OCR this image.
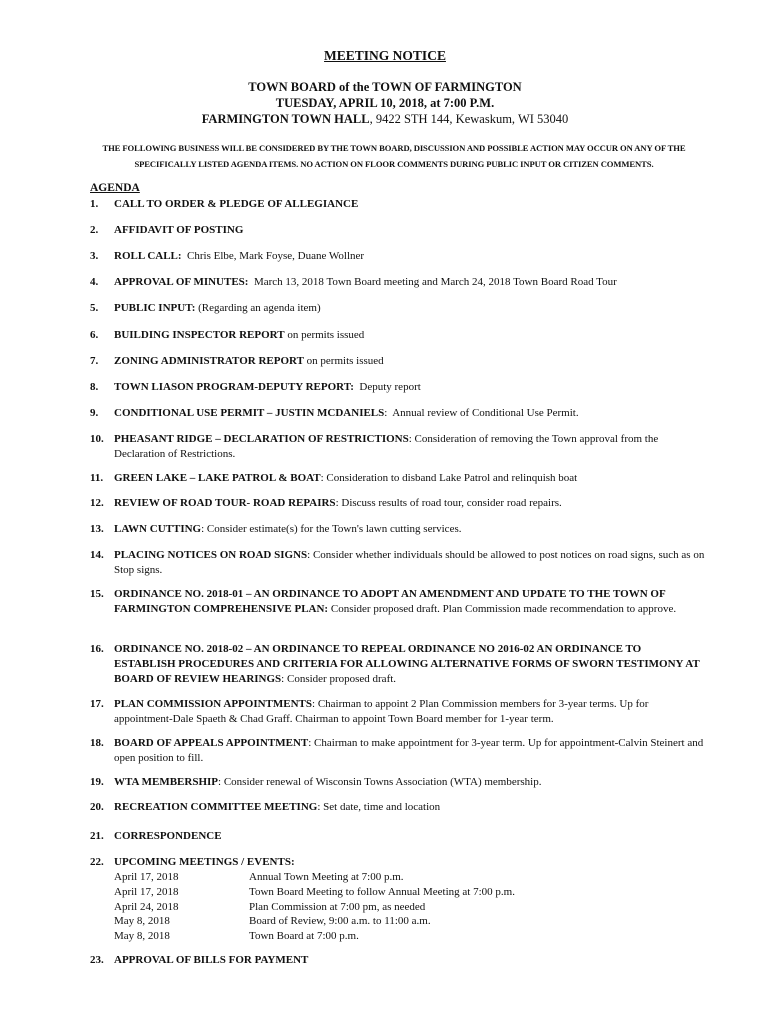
MEETING NOTICE
TOWN BOARD of the TOWN OF FARMINGTON
TUESDAY, APRIL 10, 2018, at 7:00 P.M.
FARMINGTON TOWN HALL, 9422 STH 144, Kewaskum, WI 53040
THE FOLLOWING BUSINESS WILL BE CONSIDERED BY THE TOWN BOARD, DISCUSSION AND POSSIBLE ACTION MAY OCCUR ON ANY OF THE
SPECIFICALLY LISTED AGENDA ITEMS. NO ACTION ON FLOOR COMMENTS DURING PUBLIC INPUT OR CITIZEN COMMENTS.
AGENDA
1. CALL TO ORDER & PLEDGE OF ALLEGIANCE
2. AFFIDAVIT OF POSTING
3. ROLL CALL:  Chris Elbe, Mark Foyse, Duane Wollner
4. APPROVAL OF MINUTES:  March 13, 2018 Town Board meeting and March 24, 2018 Town Board Road Tour
5. PUBLIC INPUT: (Regarding an agenda item)
6. BUILDING INSPECTOR REPORT on permits issued
7. ZONING ADMINISTRATOR REPORT on permits issued
8. TOWN LIASON PROGRAM-DEPUTY REPORT:  Deputy report
9. CONDITIONAL USE PERMIT – JUSTIN MCDANIELS:  Annual review of Conditional Use Permit.
10. PHEASANT RIDGE – DECLARATION OF RESTRICTIONS: Consideration of removing the Town approval from the Declaration of Restrictions.
11. GREEN LAKE – LAKE PATROL & BOAT: Consideration to disband Lake Patrol and relinquish boat
12. REVIEW OF ROAD TOUR- ROAD REPAIRS: Discuss results of road tour, consider road repairs.
13. LAWN CUTTING: Consider estimate(s) for the Town's lawn cutting services.
14. PLACING NOTICES ON ROAD SIGNS: Consider whether individuals should be allowed to post notices on road signs, such as on Stop signs.
15. ORDINANCE NO. 2018-01 – AN ORDINANCE TO ADOPT AN AMENDMENT AND UPDATE TO THE TOWN OF FARMINGTON COMPREHENSIVE PLAN: Consider proposed draft. Plan Commission made recommendation to approve.
16. ORDINANCE NO. 2018-02 – AN ORDINANCE TO REPEAL ORDINANCE NO 2016-02 AN ORDINANCE TO ESTABLISH PROCEDURES AND CRITERIA FOR ALLOWING ALTERNATIVE FORMS OF SWORN TESTIMONY AT BOARD OF REVIEW HEARINGS: Consider proposed draft.
17. PLAN COMMISSION APPOINTMENTS: Chairman to appoint 2 Plan Commission members for 3-year terms. Up for appointment-Dale Spaeth & Chad Graff. Chairman to appoint Town Board member for 1-year term.
18. BOARD OF APPEALS APPOINTMENT: Chairman to make appointment for 3-year term. Up for appointment-Calvin Steinert and open position to fill.
19. WTA MEMBERSHIP: Consider renewal of Wisconsin Towns Association (WTA) membership.
20. RECREATION COMMITTEE MEETING: Set date, time and location
21. CORRESPONDENCE
22. UPCOMING MEETINGS / EVENTS:
April 17, 2018	Annual Town Meeting at 7:00 p.m.
April 17, 2018	Town Board Meeting to follow Annual Meeting at 7:00 p.m.
April 24, 2018	Plan Commission at 7:00 pm, as needed
May 8, 2018	Board of Review, 9:00 a.m. to 11:00 a.m.
May 8, 2018	Town Board at 7:00 p.m.
23. APPROVAL OF BILLS FOR PAYMENT
